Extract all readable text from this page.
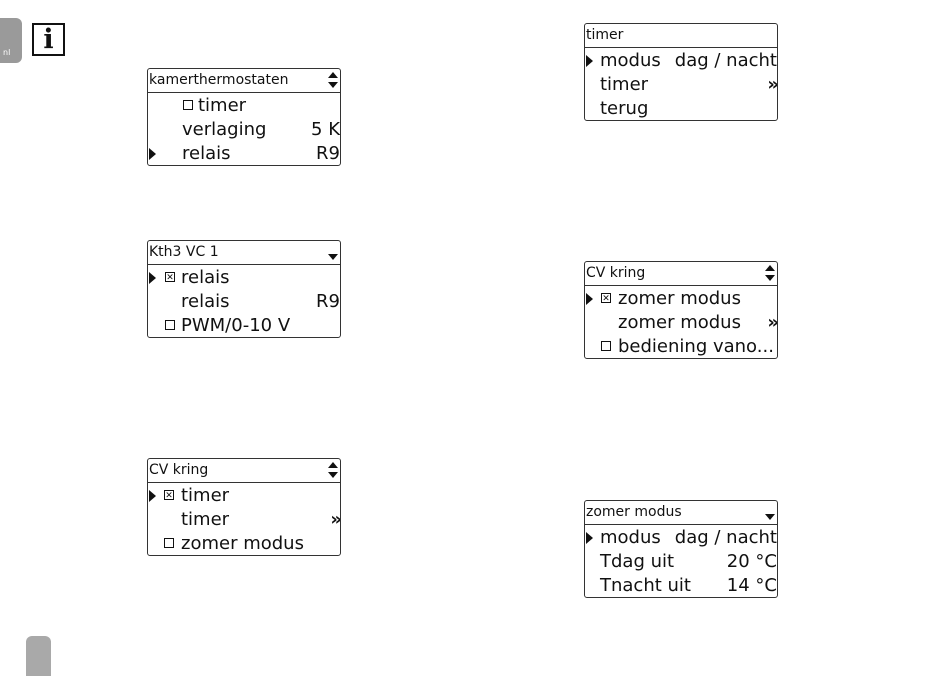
nl i
kamerthermostaten
timer
verlaging 5 K
relais	R9
Kth3 VC 1
✕
relais
relais	R9
PWM/0-10 V
CV kring
✕
timer
timer	»
zomer modus
timer
modus dag / nacht
timer	»
terug
CV kring
✕
zomer modus
zomer modus »
bediening vano...
zomer modus
modus dag / nacht
Tdag uit	20 °C
Tnacht uit 14 °C
